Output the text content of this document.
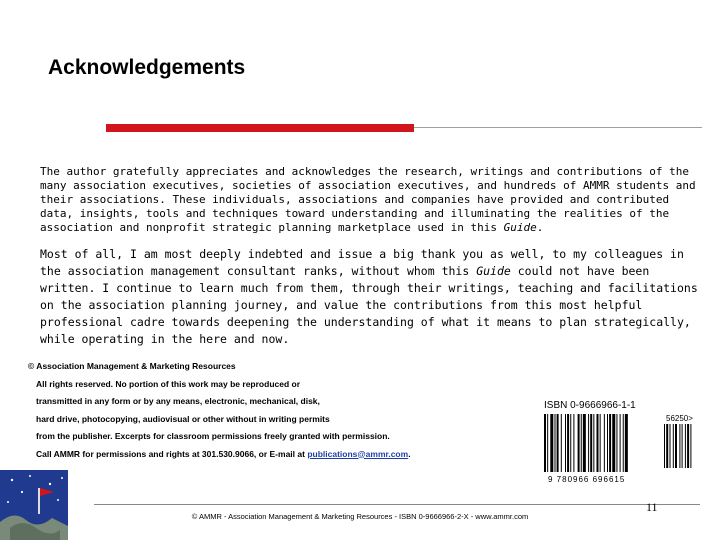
Acknowledgements
The author gratefully appreciates and acknowledges the research, writings and contributions of the many association executives, societies of association executives, and hundreds of AMMR students and their associations. These individuals, associations and companies have provided and contributed data, insights, tools and techniques toward understanding and illuminating the realities of the association and nonprofit strategic planning marketplace used in this Guide.
Most of all, I am most deeply indebted and issue a big thank you as well, to my colleagues in the association management consultant ranks, without whom this Guide could not have been written. I continue to learn much from them, through their writings, teaching and facilitations on the association planning journey, and value the contributions from this most helpful professional cadre towards deepening the understanding of what it means to plan strategically, while operating in the here and now.
© Association Management & Marketing Resources
All rights reserved. No portion of this work may be reproduced or
transmitted in any form or by any means, electronic, mechanical, disk,
hard drive, photocopying, audiovisual or other without in writing permits
from the publisher. Excerpts for classroom permissions freely granted with permission.
Call AMMR for permissions and rights at 301.530.9066, or E-mail at publications@ammr.com.
ISBN 0-9666966-1-1
56250>
9 780966 696615
11
© AMMR - Association Management & Marketing Resources - ISBN 0-9666966-2-X - www.ammr.com
